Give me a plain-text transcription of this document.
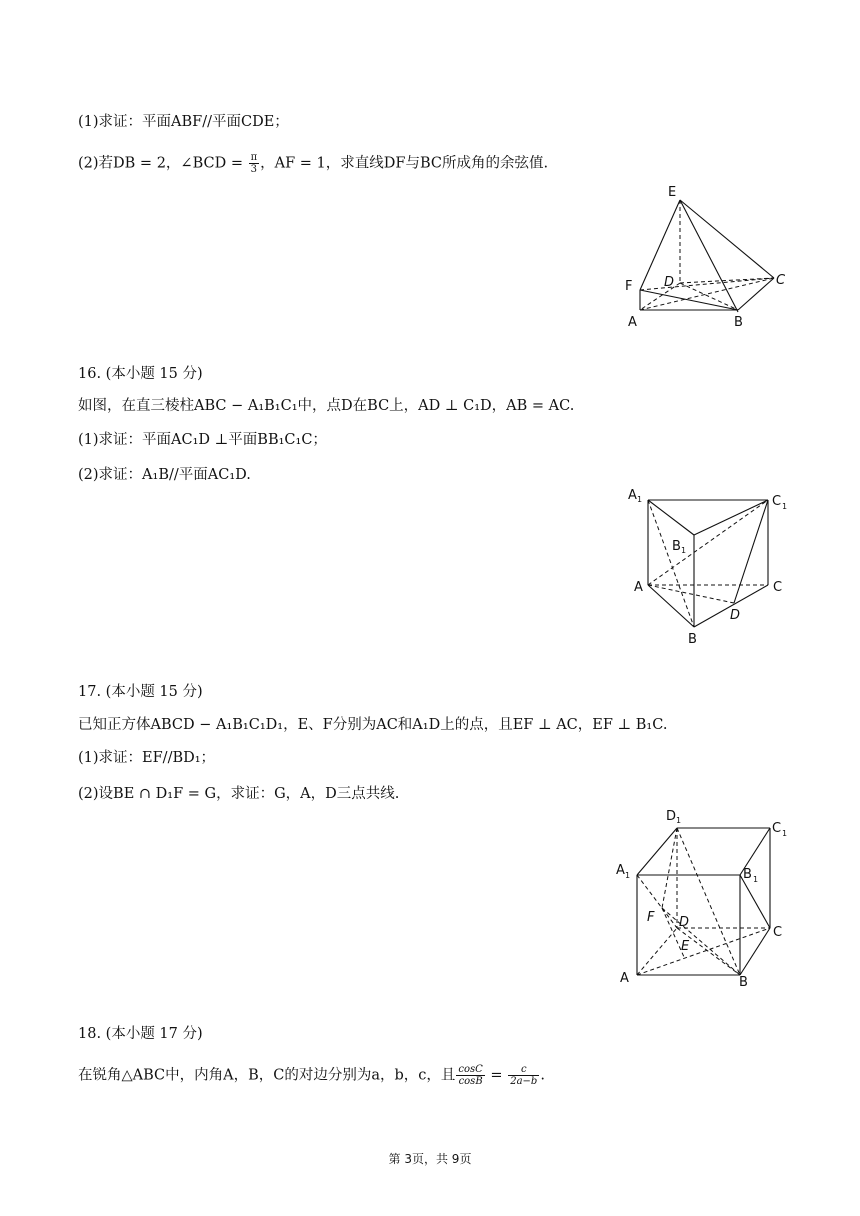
(1)求证：平面ABF//平面CDE；
(2)若DB = 2，∠BCD = $\frac{\pi}{3}$ ，AF = 1，求直线DF与BC所成角的余弦值.
E
D	C
F
A	B
16. (本小题 15 分)
如图，在直三棱柱ABC − A₁B₁C₁中，点D在BC上，AD ⊥ C₁D，AB = AC.
(1)求证：平面AC₁D ⊥平面BB₁C₁C；
(2)求证：A₁B//平面AC₁D.
A 1	C 1
B 1
A	C
D
B
17. (本小题 15 分)
已知正方体ABCD − A₁B₁C₁D₁，E、F分别为AC和A₁D上的点，且EF ⊥ AC，EF ⊥ B₁C.
(1)求证：EF//BD₁；
(2)设BE ∩ D₁F = G，求证：G，A，D三点共线.
D 1
C 1
A 1	B 1
F D
E
C
A	B
18. (本小题 17 分)
在锐角△ABC中，内角A，B，C的对边分别为a，b，c，且 $\frac{\cos C}{\cos B} = \frac{c}{2a-b}$ .
第 3页，共 9页
